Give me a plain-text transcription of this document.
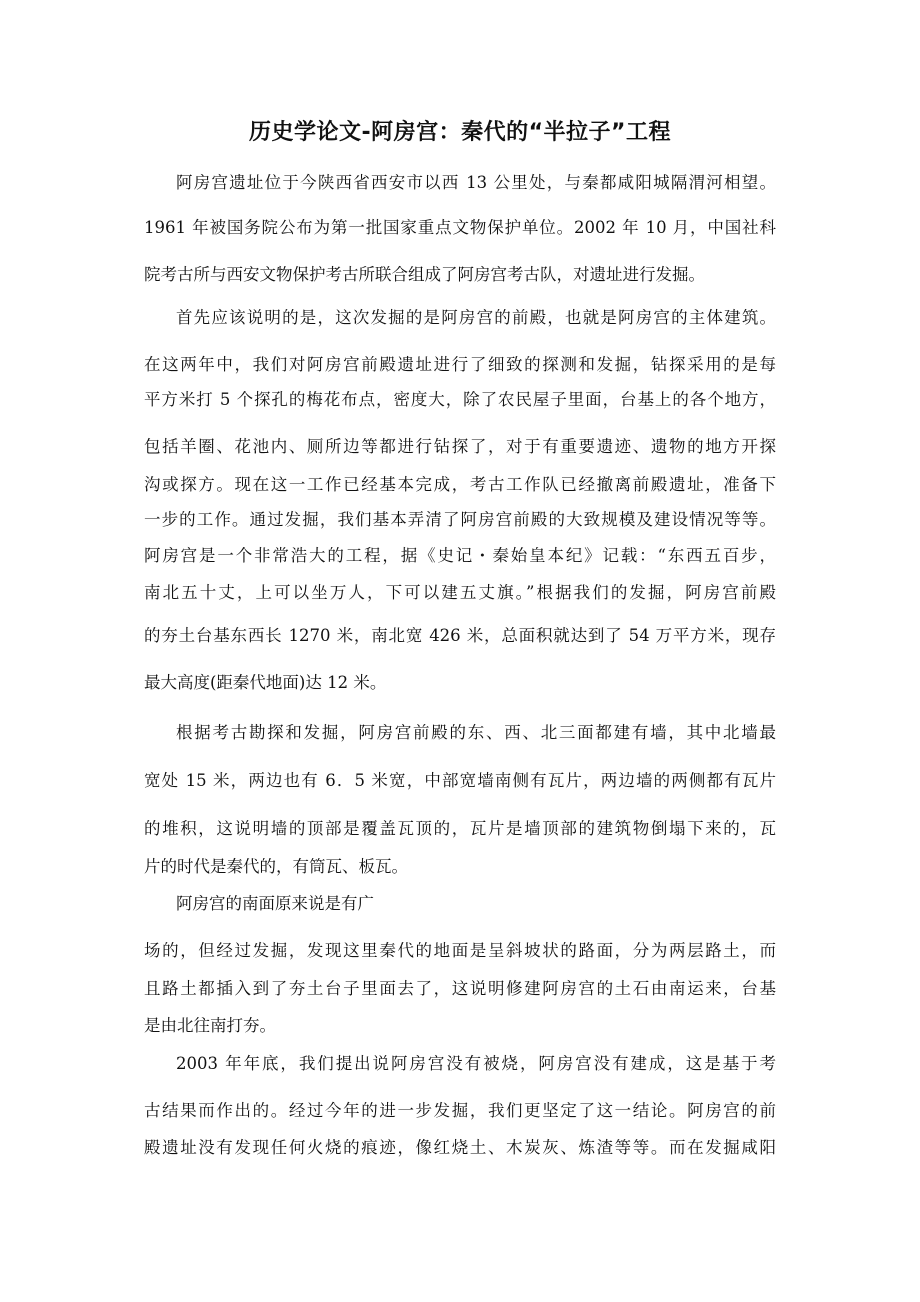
历史学论文-阿房宫：秦代的“半拉子”工程
阿房宫遗址位于今陕西省西安市以西 13 公里处，与秦都咸阳城隔渭河相望。
1961 年被国务院公布为第一批国家重点文物保护单位。2002 年 10 月，中国社科
院考古所与西安文物保护考古所联合组成了阿房宫考古队，对遗址进行发掘。
首先应该说明的是，这次发掘的是阿房宫的前殿，也就是阿房宫的主体建筑。
在这两年中，我们对阿房宫前殿遗址进行了细致的探测和发掘，钻探采用的是每
平方米打 5 个探孔的梅花布点，密度大，除了农民屋子里面，台基上的各个地方，
包括羊圈、花池内、厕所边等都进行钻探了，对于有重要遗迹、遗物的地方开探
沟或探方。现在这一工作已经基本完成，考古工作队已经撤离前殿遗址，准备下
一步的工作。通过发掘，我们基本弄清了阿房宫前殿的大致规模及建设情况等等。
阿房宫是一个非常浩大的工程，据《史记・秦始皇本纪》记载：“东西五百步，
南北五十丈，上可以坐万人，下可以建五丈旗。”根据我们的发掘，阿房宫前殿
的夯土台基东西长 1270 米，南北宽 426 米，总面积就达到了 54 万平方米，现存
最大高度(距秦代地面)达 12 米。
根据考古勘探和发掘，阿房宫前殿的东、西、北三面都建有墙，其中北墙最
宽处 15 米，两边也有 6．5 米宽，中部宽墙南侧有瓦片，两边墙的两侧都有瓦片
的堆积，这说明墙的顶部是覆盖瓦顶的，瓦片是墙顶部的建筑物倒塌下来的，瓦
片的时代是秦代的，有筒瓦、板瓦。
阿房宫的南面原来说是有广
场的，但经过发掘，发现这里秦代的地面是呈斜坡状的路面，分为两层路土，而
且路土都插入到了夯土台子里面去了，这说明修建阿房宫的土石由南运来，台基
是由北往南打夯。
2003 年年底，我们提出说阿房宫没有被烧，阿房宫没有建成，这是基于考
古结果而作出的。经过今年的进一步发掘，我们更坚定了这一结论。阿房宫的前
殿遗址没有发现任何火烧的痕迹，像红烧土、木炭灰、炼渣等等。而在发掘咸阳
